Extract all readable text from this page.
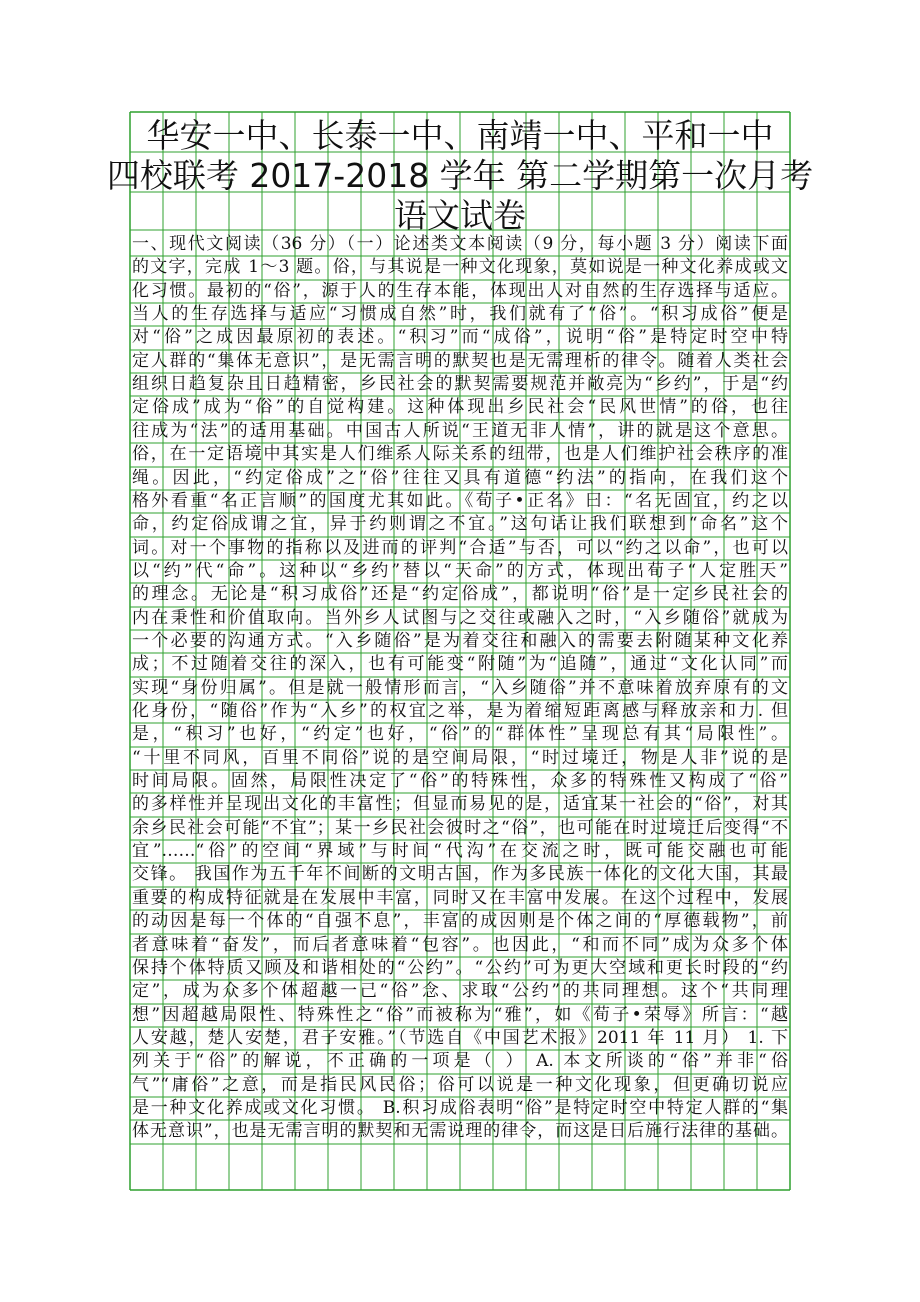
华安一中、长泰一中、南靖一中、平和一中
四校联考 2017-2018 学年 第二学期第一次月考
语文试卷
一、现代文阅读（36 分）（一）论述类文本阅读（9 分，每小题 3 分）阅读下面
的文字，完成 1～3 题。俗，与其说是一种文化现象，莫如说是一种文化养成或文
化习惯。最初的“俗”，源于人的生存本能，体现出人对自然的生存选择与适应。
当人的生存选择与适应“习惯成自然”时，我们就有了“俗”。“积习成俗”便是
对“俗”之成因最原初的表述。“积习”而“成俗”，说明“俗”是特定时空中特
定人群的“集体无意识”，是无需言明的默契也是无需理析的律令。随着人类社会
组织日趋复杂且日趋精密，乡民社会的默契需要规范并敞亮为“乡约”，于是“约
定俗成”成为“俗”的自觉构建。这种体现出乡民社会“民风世情”的俗，也往
往成为“法”的适用基础。中国古人所说“王道无非人情”，讲的就是这个意思。
俗，在一定语境中其实是人们维系人际关系的纽带，也是人们维护社会秩序的准
绳。因此，“约定俗成”之“俗”往往又具有道德“约法”的指向，在我们这个
格外看重“名正言顺”的国度尤其如此。《荀子•正名》曰：“名无固宜，约之以
命，约定俗成谓之宜，异于约则谓之不宜。”这句话让我们联想到“命名”这个
词。对一个事物的指称以及进而的评判“合适”与否，可以“约之以命”，也可以
以“约”代“命”。这种以“乡约”替以“天命”的方式，体现出荀子“人定胜天”
的理念。无论是“积习成俗”还是“约定俗成”，都说明“俗”是一定乡民社会的
内在秉性和价值取向。当外乡人试图与之交往或融入之时，“入乡随俗”就成为
一个必要的沟通方式。“入乡随俗”是为着交往和融入的需要去附随某种文化养
成；不过随着交往的深入，也有可能变“附随”为“追随”，通过“文化认同”而
实现“身份归属”。但是就一般情形而言，“入乡随俗”并不意味着放弃原有的文
化身份，“随俗”作为“入乡”的权宜之举，是为着缩短距离感与释放亲和力. 但
是，“积习”也好，“约定”也好，“俗”的“群体性”呈现总有其“局限性”。
“十里不同风，百里不同俗”说的是空间局限，“时过境迁，物是人非”说的是
时间局限。固然，局限性决定了“俗”的特殊性，众多的特殊性又构成了“俗”
的多样性并呈现出文化的丰富性；但显而易见的是，适宜某一社会的“俗”，对其
余乡民社会可能“不宜”；某一乡民社会彼时之“俗”，也可能在时过境迁后变得“不
宜”……“俗”的空间“界域”与时间“代沟”在交流之时，既可能交融也可能
交锋。 我国作为五千年不间断的文明古国，作为多民族一体化的文化大国，其最
重要的构成特征就是在发展中丰富，同时又在丰富中发展。在这个过程中，发展
的动因是每一个体的“自强不息”，丰富的成因则是个体之间的“厚德载物”，前
者意味着“奋发”，而后者意味着“包容”。也因此，“和而不同”成为众多个体
保持个体特质又顾及和谐相处的“公约”。“公约”可为更大空域和更长时段的“约
定”，成为众多个体超越一己“俗”念、求取“公约”的共同理想。这个“共同理
想”因超越局限性、特殊性之“俗”而被称为“雅”，如《荀子•荣辱》所言：“越
人安越，楚人安楚，君子安雅。”（节选自《中国艺术报》2011 年 11 月） 1. 下
列关于“俗”的解说，不正确的一项是（ ） A. 本文所谈的“俗”并非“俗
气”“庸俗”之意，而是指民风民俗；俗可以说是一种文化现象，但更确切说应
是一种文化养成或文化习惯。 B.积习成俗表明“俗”是特定时空中特定人群的“集
体无意识”，也是无需言明的默契和无需说理的律令，而这是日后施行法律的基础。
